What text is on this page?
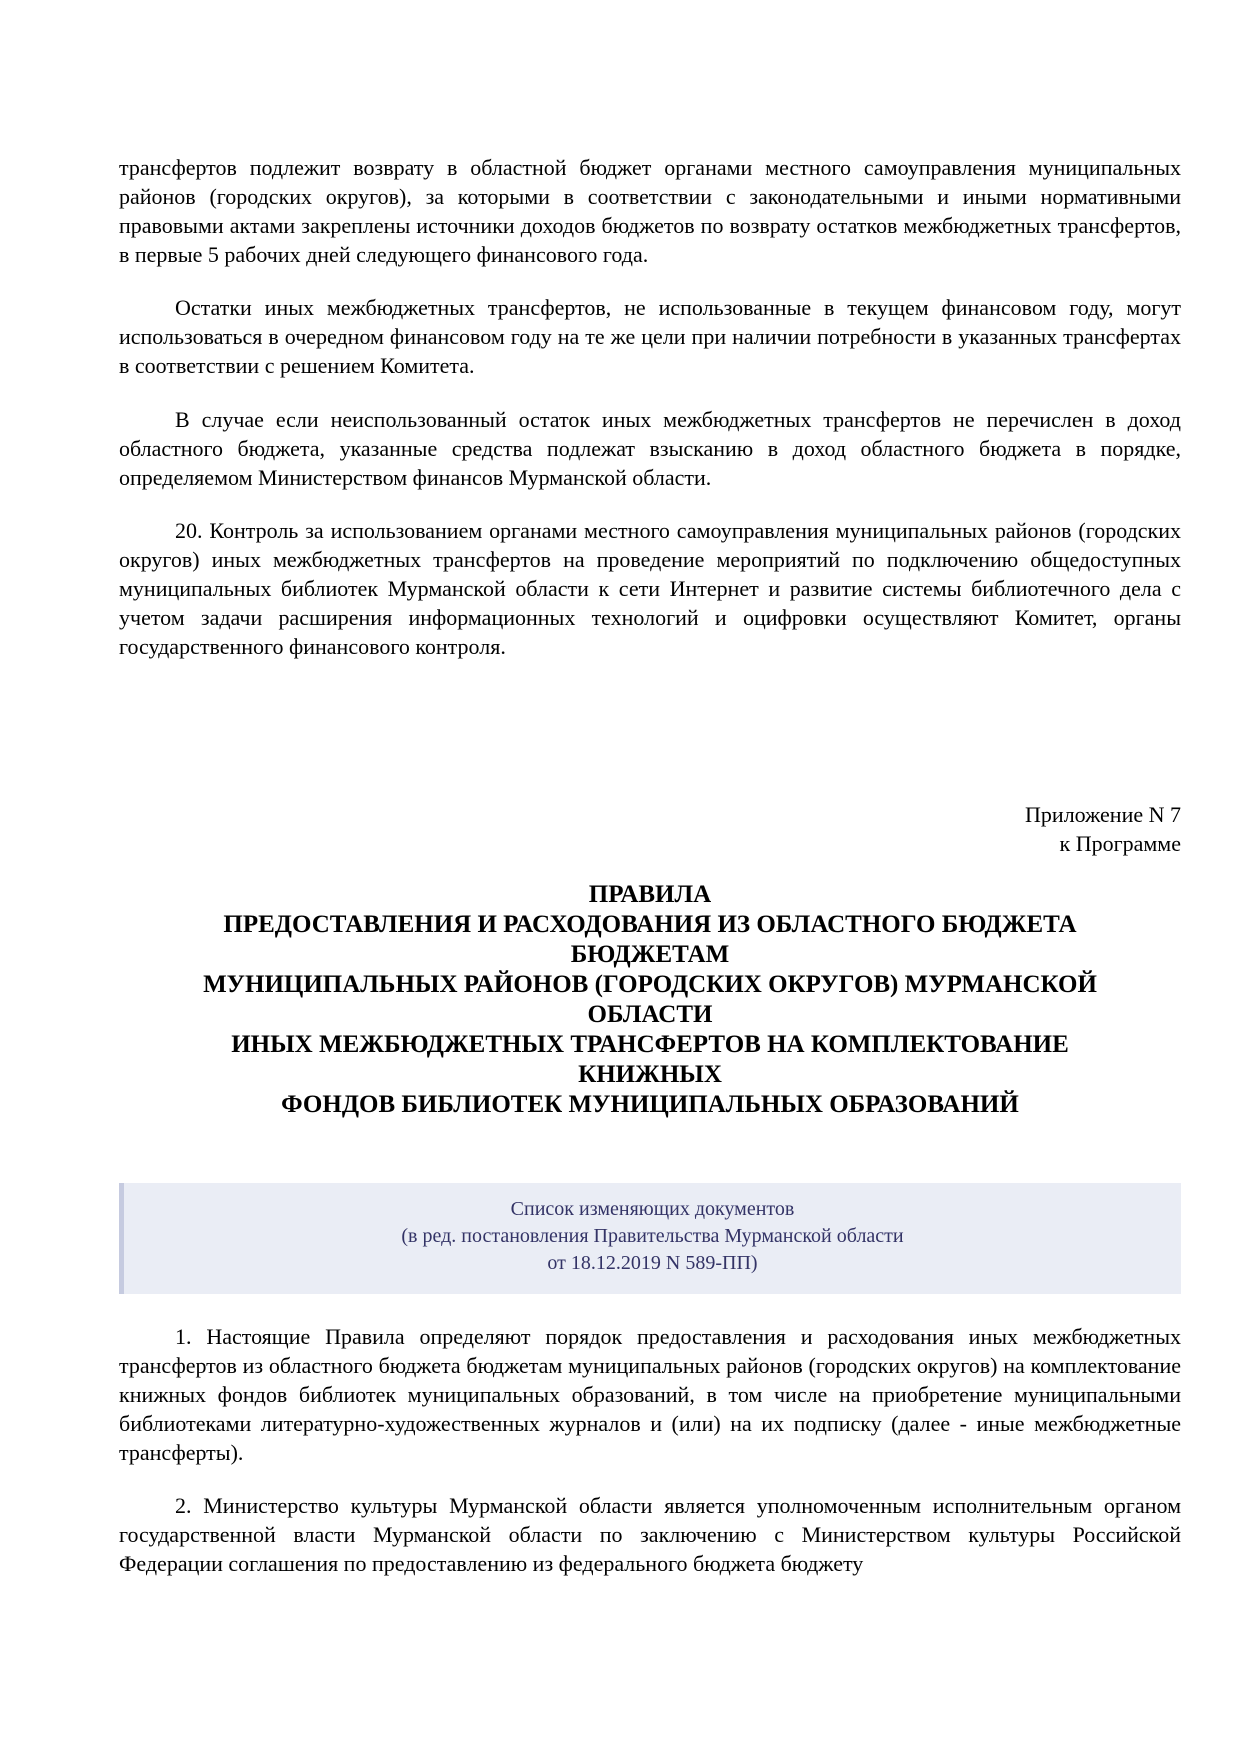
трансфертов подлежит возврату в областной бюджет органами местного самоуправления муниципальных районов (городских округов), за которыми в соответствии с законодательными и иными нормативными правовыми актами закреплены источники доходов бюджетов по возврату остатков межбюджетных трансфертов, в первые 5 рабочих дней следующего финансового года.

Остатки иных межбюджетных трансфертов, не использованные в текущем финансовом году, могут использоваться в очередном финансовом году на те же цели при наличии потребности в указанных трансфертах в соответствии с решением Комитета.

В случае если неиспользованный остаток иных межбюджетных трансфертов не перечислен в доход областного бюджета, указанные средства подлежат взысканию в доход областного бюджета в порядке, определяемом Министерством финансов Мурманской области.

20. Контроль за использованием органами местного самоуправления муниципальных районов (городских округов) иных межбюджетных трансфертов на проведение мероприятий по подключению общедоступных муниципальных библиотек Мурманской области к сети Интернет и развитие системы библиотечного дела с учетом задачи расширения информационных технологий и оцифровки осуществляют Комитет, органы государственного финансового контроля.

Приложение N 7
к Программе
ПРАВИЛА
ПРЕДОСТАВЛЕНИЯ И РАСХОДОВАНИЯ ИЗ ОБЛАСТНОГО БЮДЖЕТА
БЮДЖЕТАМ
МУНИЦИПАЛЬНЫХ РАЙОНОВ (ГОРОДСКИХ ОКРУГОВ) МУРМАНСКОЙ
ОБЛАСТИ
ИНЫХ МЕЖБЮДЖЕТНЫХ ТРАНСФЕРТОВ НА КОМПЛЕКТОВАНИЕ
КНИЖНЫХ
ФОНДОВ БИБЛИОТЕК МУНИЦИПАЛЬНЫХ ОБРАЗОВАНИЙ
Список изменяющих документов
(в ред. постановления Правительства Мурманской области
от 18.12.2019 N 589-ПП)

1. Настоящие Правила определяют порядок предоставления и расходования иных межбюджетных трансфертов из областного бюджета бюджетам муниципальных районов (городских округов) на комплектование книжных фондов библиотек муниципальных образований, в том числе на приобретение муниципальными библиотеками литературно-художественных журналов и (или) на их подписку (далее - иные межбюджетные трансферты).

2. Министерство культуры Мурманской области является уполномоченным исполнительным органом государственной власти Мурманской области по заключению с Министерством культуры Российской Федерации соглашения по предоставлению из федерального бюджета бюджету
